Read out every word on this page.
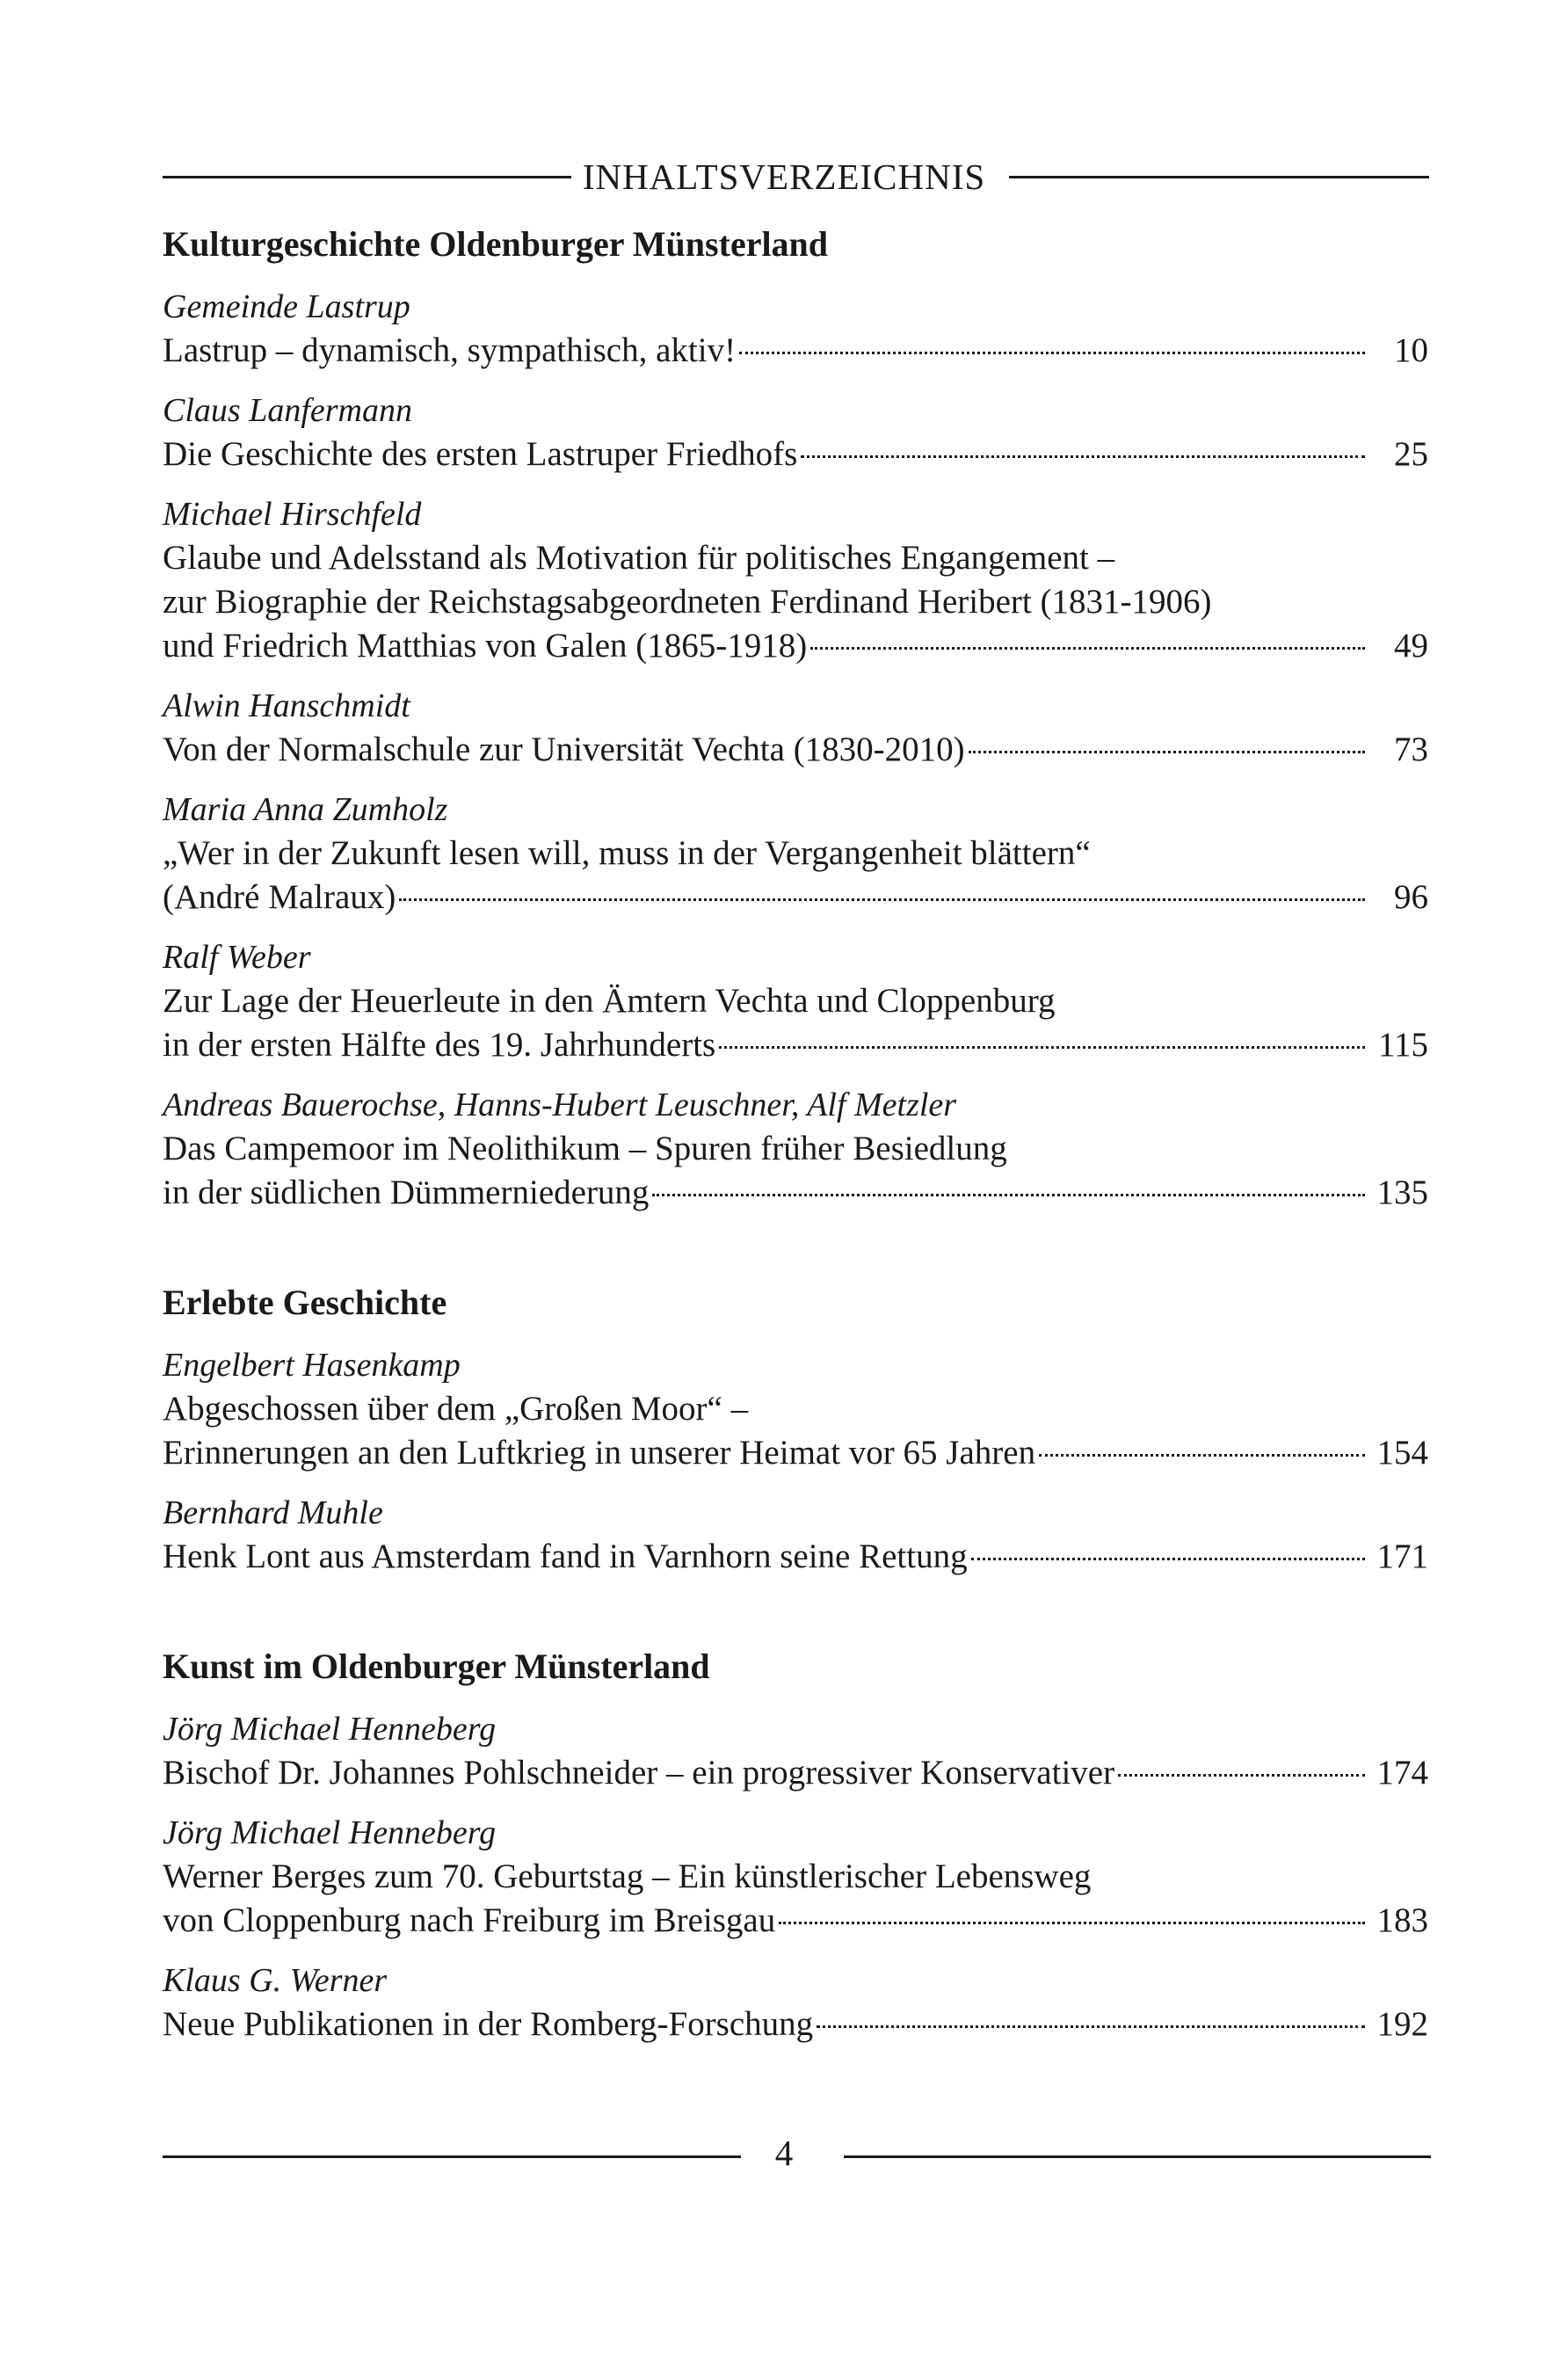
INHALTSVERZEICHNIS
Kulturgeschichte Oldenburger Münsterland
Gemeinde Lastrup
Lastrup – dynamisch, sympathisch, aktiv!	10
Claus Lanfermann
Die Geschichte des ersten Lastruper Friedhofs	25
Michael Hirschfeld
Glaube und Adelsstand als Motivation für politisches Engangement –
zur Biographie der Reichstagsabgeordneten Ferdinand Heribert (1831-1906)
und Friedrich Matthias von Galen (1865-1918)	49
Alwin Hanschmidt
Von der Normalschule zur Universität Vechta (1830-2010)	73
Maria Anna Zumholz
„Wer in der Zukunft lesen will, muss in der Vergangenheit blättern“
(André Malraux)	96
Ralf Weber
Zur Lage der Heuerleute in den Ämtern Vechta und Cloppenburg
in der ersten Hälfte des 19. Jahrhunderts	115
Andreas Bauerochse, Hanns-Hubert Leuschner, Alf Metzler
Das Campemoor im Neolithikum – Spuren früher Besiedlung
in der südlichen Dümmerniederung	135
Erlebte Geschichte
Engelbert Hasenkamp
Abgeschossen über dem „Großen Moor“ –
Erinnerungen an den Luftkrieg in unserer Heimat vor 65 Jahren	154
Bernhard Muhle
Henk Lont aus Amsterdam fand in Varnhorn seine Rettung	171
Kunst im Oldenburger Münsterland
Jörg Michael Henneberg
Bischof Dr. Johannes Pohlschneider – ein progressiver Konservativer	174
Jörg Michael Henneberg
Werner Berges zum 70. Geburtstag – Ein künstlerischer Lebensweg
von Cloppenburg nach Freiburg im Breisgau	183
Klaus G. Werner
Neue Publikationen in der Romberg-Forschung	192
4
